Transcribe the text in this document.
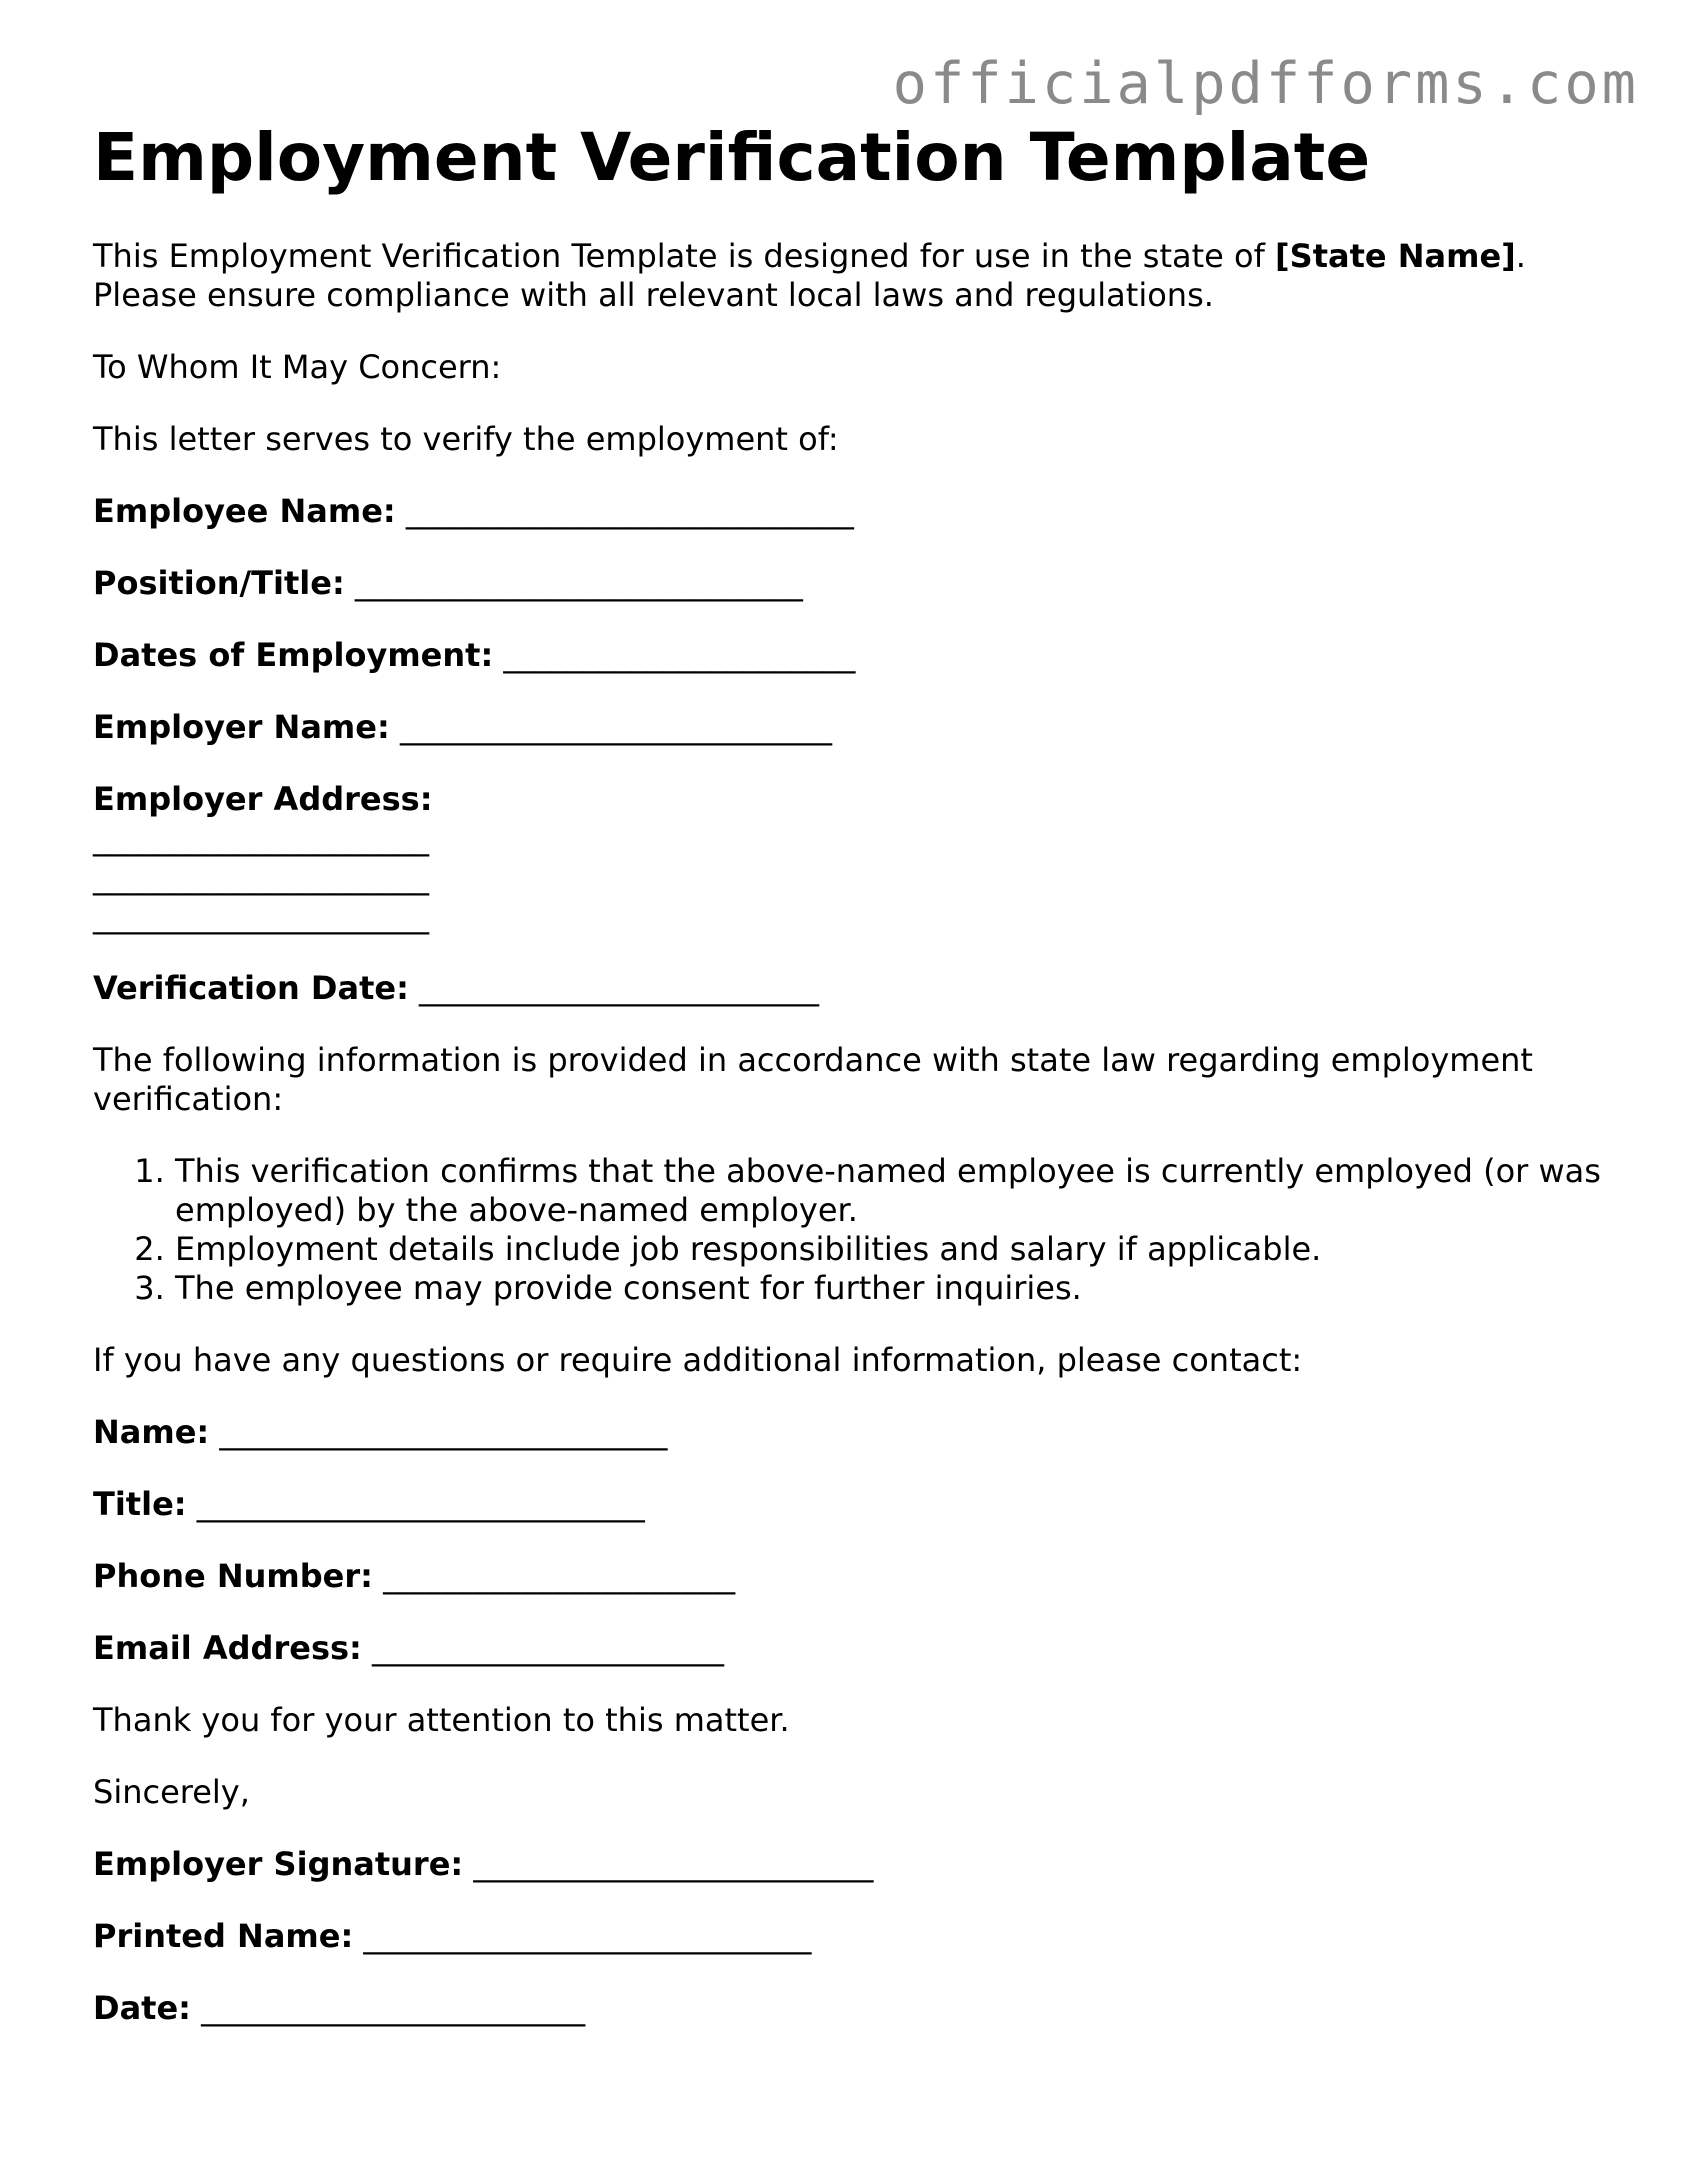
officialpdfforms.com
Employment Verification Template

This Employment Verification Template is designed for use in the state of [State Name].
Please ensure compliance with all relevant local laws and regulations.

To Whom It May Concern:

This letter serves to verify the employment of:

Employee Name: ____________________________

Position/Title: ____________________________

Dates of Employment: ______________________

Employer Name: ___________________________

Employer Address:
_____________________
_____________________
_____________________

Verification Date: _________________________

The following information is provided in accordance with state law regarding employment verification:

1. This verification confirms that the above-named employee is currently employed (or was employed) by the above-named employer.
2. Employment details include job responsibilities and salary if applicable.
3. The employee may provide consent for further inquiries.

If you have any questions or require additional information, please contact:

Name: ____________________________

Title: ____________________________

Phone Number: ______________________

Email Address: ______________________

Thank you for your attention to this matter.

Sincerely,

Employer Signature: _________________________

Printed Name: ____________________________

Date: ________________________
